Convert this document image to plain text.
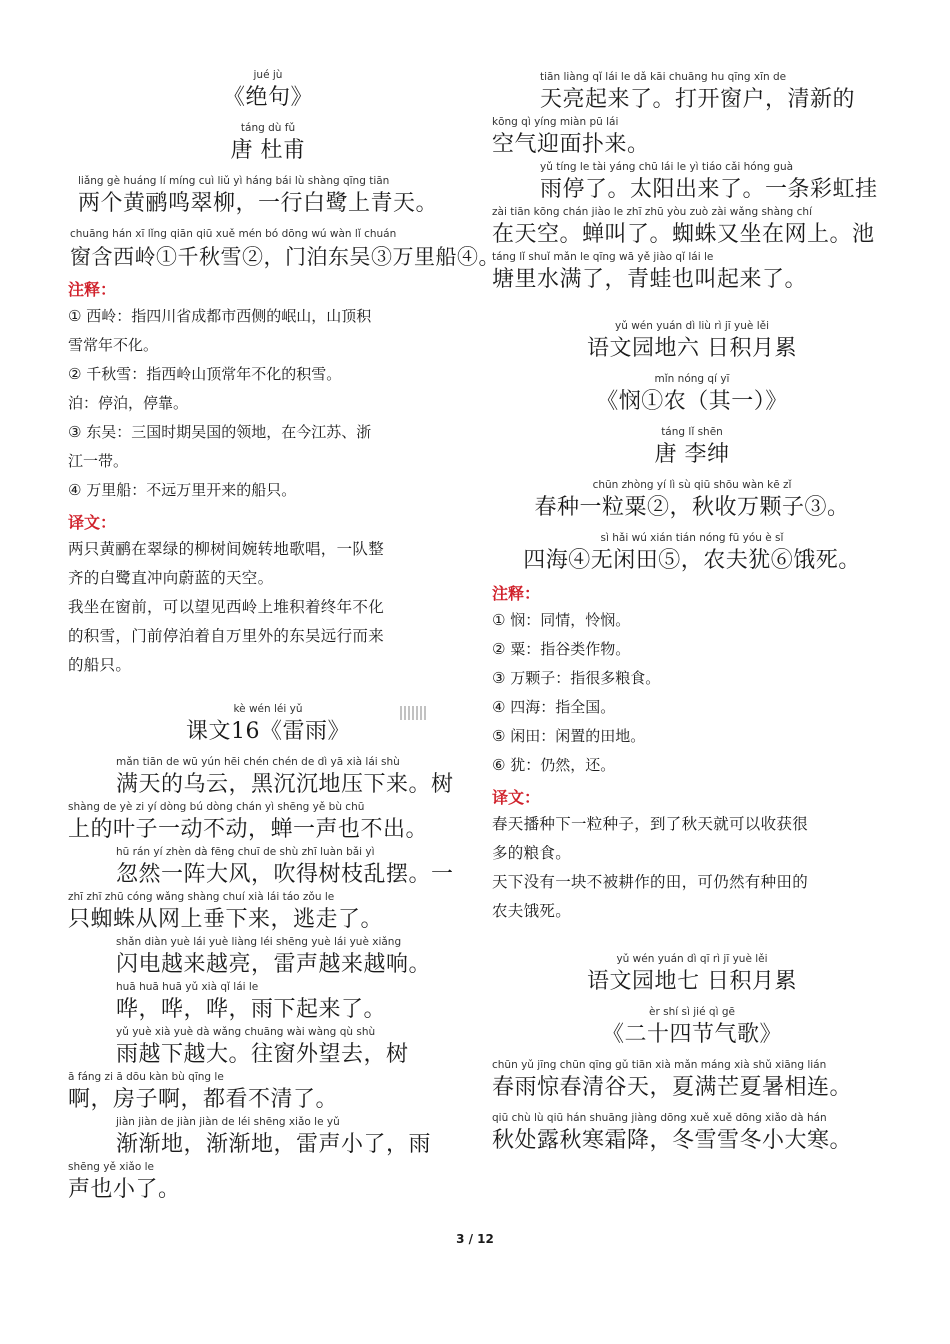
jué jù
《绝句》
táng dù fǔ
唐 杜甫
liǎng gè huáng lí míng cuì liǔ yì háng bái lù shàng qīng tiān
两个黄鹂鸣翠柳，一行白鹭上青天。
chuāng hán xī lǐng qiān qiū xuě mén bó dōng wú wàn lǐ chuán
窗含西岭①千秋雪②，门泊东吴③万里船④。
注释：
① 西岭：指四川省成都市西侧的岷山，山顶积
雪常年不化。
② 千秋雪：指西岭山顶常年不化的积雪。
泊：停泊，停靠。
③ 东吴：三国时期吴国的领地，在今江苏、浙
江一带。
④ 万里船：不远万里开来的船只。
译文：
两只黄鹂在翠绿的柳树间婉转地歌唱，一队整
齐的白鹭直冲向蔚蓝的天空。
我坐在窗前，可以望见西岭上堆积着终年不化
的积雪，门前停泊着自万里外的东吴远行而来
的船只。
kè wén léi yǔ
课文16《雷雨》
mǎn tiān de wū yún hēi chén chén de dì yā xià lái shù
满天的乌云，黑沉沉地压下来。树
shàng de yè zi yí dòng bú dòng chán yì shēng yě bù chū
上的叶子一动不动，蝉一声也不出。
hū rán yí zhèn dà fēng chuī de shù zhī luàn bǎi yì
忽然一阵大风，吹得树枝乱摆。一
zhī zhī zhū cóng wǎng shàng chuí xià lái táo zǒu le
只蜘蛛从网上垂下来，逃走了。
shǎn diàn yuè lái yuè liàng léi shēng yuè lái yuè xiǎng
闪电越来越亮，雷声越来越响。
huā huā huā yǔ xià qǐ lái le
哗，哗，哗，雨下起来了。
yǔ yuè xià yuè dà wǎng chuāng wài wàng qù shù
雨越下越大。往窗外望去，树
ā fáng zi ā dōu kàn bù qīng le
啊，房子啊，都看不清了。
jiàn jiàn de jiàn jiàn de léi shēng xiǎo le yǔ
渐渐地，渐渐地，雷声小了，雨
shēng yě xiǎo le
声也小了。
tiān liàng qǐ lái le dǎ kāi chuāng hu qīng xīn de
天亮起来了。打开窗户，清新的
kōng qì yíng miàn pū lái
空气迎面扑来。
yǔ tíng le tài yáng chū lái le yì tiáo cǎi hóng guà
雨停了。太阳出来了。一条彩虹挂
zài tiān kōng chán jiào le zhī zhū yòu zuò zài wǎng shàng chí
在天空。蝉叫了。蜘蛛又坐在网上。池
táng lǐ shuǐ mǎn le qīng wā yě jiào qǐ lái le
塘里水满了，青蛙也叫起来了。
yǔ wén yuán dì liù rì jī yuè lěi
语文园地六 日积月累
mǐn nóng qí yī
《悯①农（其一）》
táng lǐ shēn
唐 李绅
chūn zhòng yí lì sù qiū shōu wàn kē zǐ
春种一粒粟②，秋收万颗子③。
sì hǎi wú xián tián nóng fū yóu è sǐ
四海④无闲田⑤，农夫犹⑥饿死。
注释：
① 悯：同情，怜悯。
② 粟：指谷类作物。
③ 万颗子：指很多粮食。
④ 四海：指全国。
⑤ 闲田：闲置的田地。
⑥ 犹：仍然，还。
译文：
春天播种下一粒种子，到了秋天就可以收获很
多的粮食。
天下没有一块不被耕作的田，可仍然有种田的
农夫饿死。
yǔ wén yuán dì qī rì jī yuè lěi
语文园地七 日积月累
èr shí sì jié qì gē
《二十四节气歌》
chūn yǔ jīng chūn qīng gǔ tiān xià mǎn máng xià shǔ xiāng lián
春雨惊春清谷天，夏满芒夏暑相连。
qiū chù lù qiū hán shuāng jiàng dōng xuě xuě dōng xiǎo dà hán
秋处露秋寒霜降，冬雪雪冬小大寒。
3 / 12
